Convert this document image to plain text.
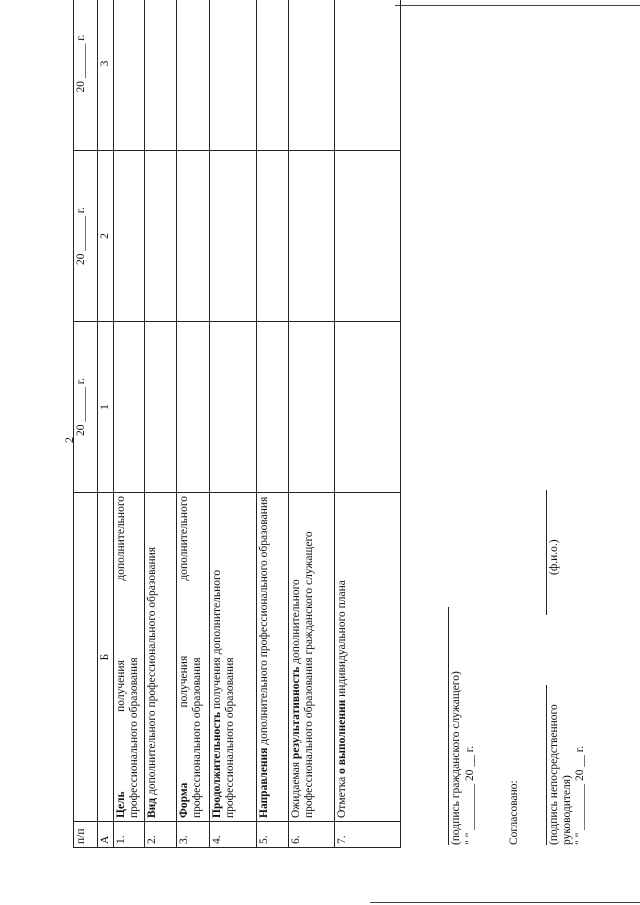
2
п/п		20 ______ г.	20 ______ г.	20 ______ г.
А	Б	1	2	3
1.	Цель получения дополнительного
профессионального образования			

2.	Вид дополнительного профессионального образования			
3.	Форма получения дополнительного
профессионального образования			

4.	Продолжительность получения дополнительного профессионального образования			
5.	Направления дополнительного профессионального образования			
6.	Ожидаемая результативность дополнительного профессионального образования гражданского служащего			
7.	Отметка о выполнении индивидуального плана			
(подпись гражданского служащего) " " ________ 20 __ г.	Согласовано: (подпись непосредственного руководителя) " " ________ 20 __ г.
(ф.и.о.)
